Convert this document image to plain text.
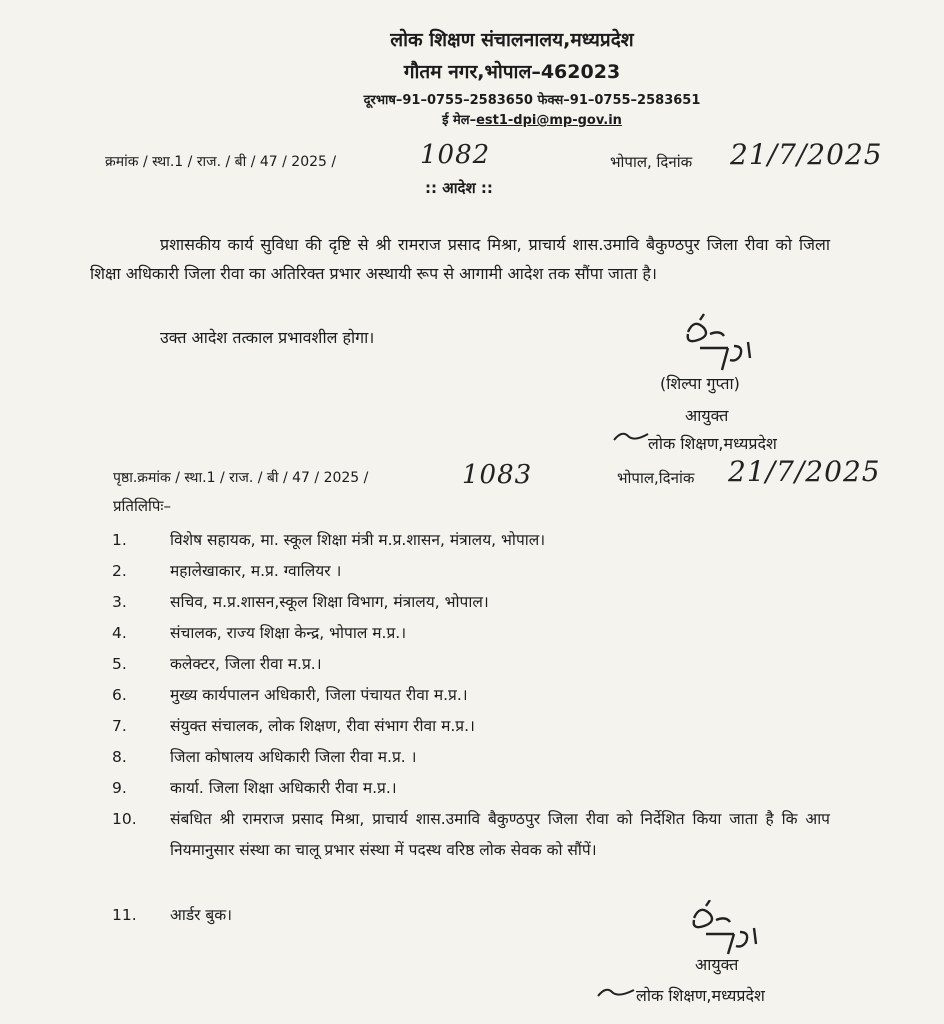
लोक शिक्षण संचालनालय,मध्यप्रदेश
गौतम नगर,भोपाल–462023
दूरभाष–91–0755–2583650 फेक्स–91–0755–2583651
ई मेल–est1-dpi@mp-gov.in
क्रमांक / स्था.1 / राज. / बी / 47 / 2025 /	1082	भोपाल, दिनांक 21/7/2025
:: आदेश ::
प्रशासकीय कार्य सुविधा की दृष्टि से श्री रामराज प्रसाद मिश्रा, प्राचार्य शास.उमावि बैकुण्ठपुर जिला रीवा को जिला शिक्षा अधिकारी जिला रीवा का अतिरिक्त प्रभार अस्थायी रूप से आगामी आदेश तक सौंपा जाता है।
उक्त आदेश तत्काल प्रभावशील होगा।
(शिल्पा गुप्ता)
आयुक्त
लोक शिक्षण,मध्यप्रदेश
पृष्ठा.क्रमांक / स्था.1 / राज. / बी / 47 / 2025 /	1083	भोपाल,दिनांक 21/7/2025
प्रतिलिपिः–
1.	विशेष सहायक, मा. स्कूल शिक्षा मंत्री म.प्र.शासन, मंत्रालय, भोपाल।
2.	महालेखाकार, म.प्र. ग्वालियर ।
3.	सचिव, म.प्र.शासन,स्कूल शिक्षा विभाग, मंत्रालय, भोपाल।
4.	संचालक, राज्य शिक्षा केन्द्र, भोपाल म.प्र.।
5.	कलेक्टर, जिला रीवा म.प्र.।
6.	मुख्य कार्यपालन अधिकारी, जिला पंचायत रीवा म.प्र.।
7.	संयुक्त संचालक, लोक शिक्षण, रीवा संभाग रीवा म.प्र.।
8.	जिला कोषालय अधिकारी जिला रीवा म.प्र. ।
9.	कार्या. जिला शिक्षा अधिकारी रीवा म.प्र.।
10.	संबधित श्री रामराज प्रसाद मिश्रा, प्राचार्य शास.उमावि बैकुण्ठपुर जिला रीवा को निर्देशित किया जाता है कि आप नियमानुसार संस्था का चालू प्रभार संस्था में पदस्थ वरिष्ठ लोक सेवक को सौंपें।
11.	आर्डर बुक।
आयुक्त
लोक शिक्षण,मध्यप्रदेश
